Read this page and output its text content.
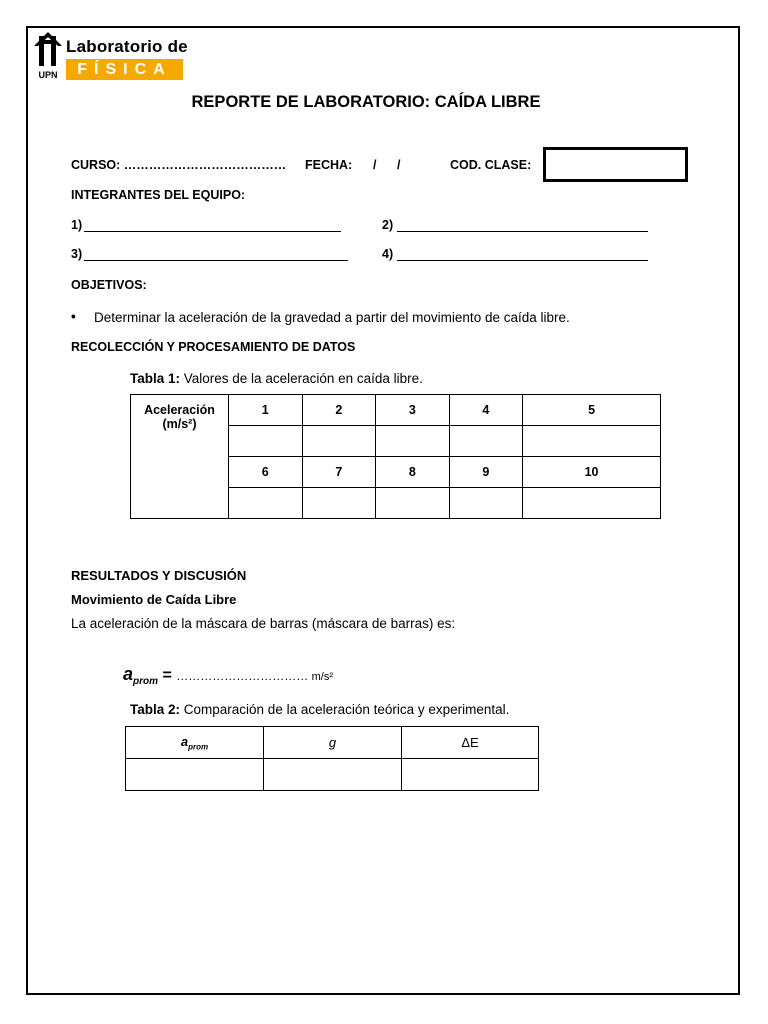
UPN
Laboratorio de
FÍSICA
REPORTE DE LABORATORIO: CAÍDA LIBRE
CURSO: ………………………………… FECHA: / /	COD. CLASE:
INTEGRANTES DEL EQUIPO:
1)	2)
3)	4)
OBJETIVOS:
• Determinar la aceleración de la gravedad a partir del movimiento de caída libre.
RECOLECCIÓN Y PROCESAMIENTO DE DATOS
Tabla 1: Valores de la aceleración en caída libre.
Aceleración
(m/s²)	1	2	3	4	5

	6	7	8	9	10

RESULTADOS Y DISCUSIÓN
Movimiento de Caída Libre
La aceleración de la máscara de barras (máscara de barras) es:
$a_{prom}$ = …………………………… m/s²
Tabla 2: Comparación de la aceleración teórica y experimental.
$a_{prom}$	g	ΔE
